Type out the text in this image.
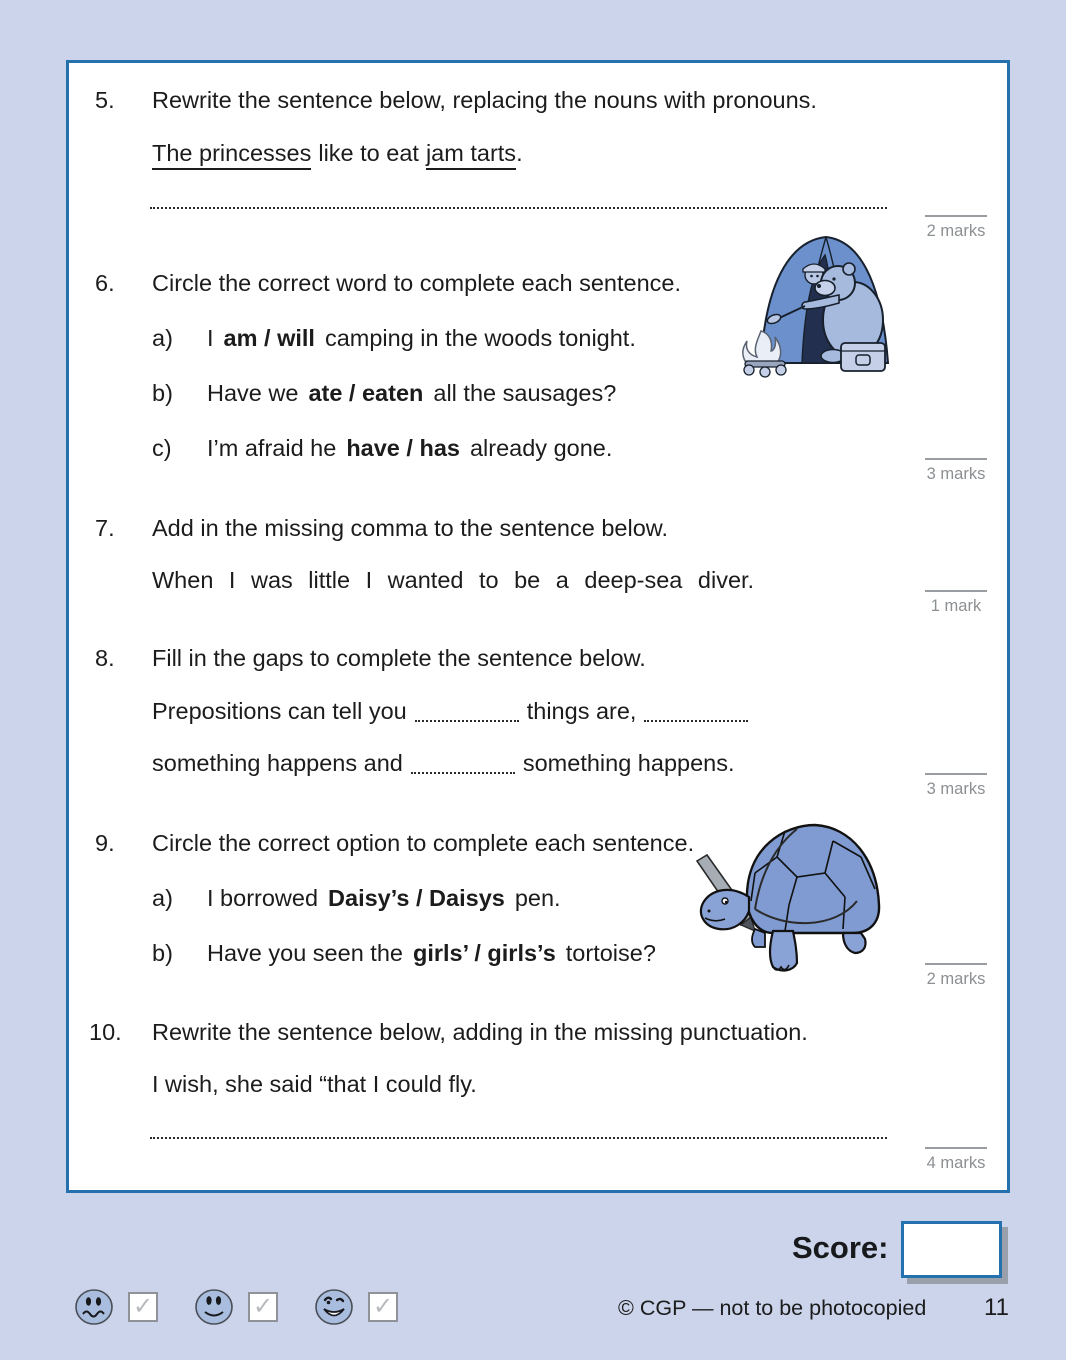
5. Rewrite the sentence below, replacing the nouns with pronouns.
The princesses like to eat jam tarts.
2 marks
6. Circle the correct word to complete each sentence.
a) I am / will camping in the woods tonight.
b) Have we ate / eaten all the sausages?
c) I’m afraid he have / has already gone.
3 marks
7. Add in the missing comma to the sentence below.
When I was little I wanted to be a deep-sea diver.
1 mark
8. Fill in the gaps to complete the sentence below.
Prepositions can tell you	things are,
something happens and	something happens.
3 marks
9. Circle the correct option to complete each sentence.
a) I borrowed Daisy’s / Daisys pen.
b) Have you seen the girls’ / girls’s tortoise?
2 marks
10. Rewrite the sentence below, adding in the missing punctuation.
I wish, she said “that I could fly.
4 marks
Score:
✓	✓	✓	© CGP — not to be photocopied 11
